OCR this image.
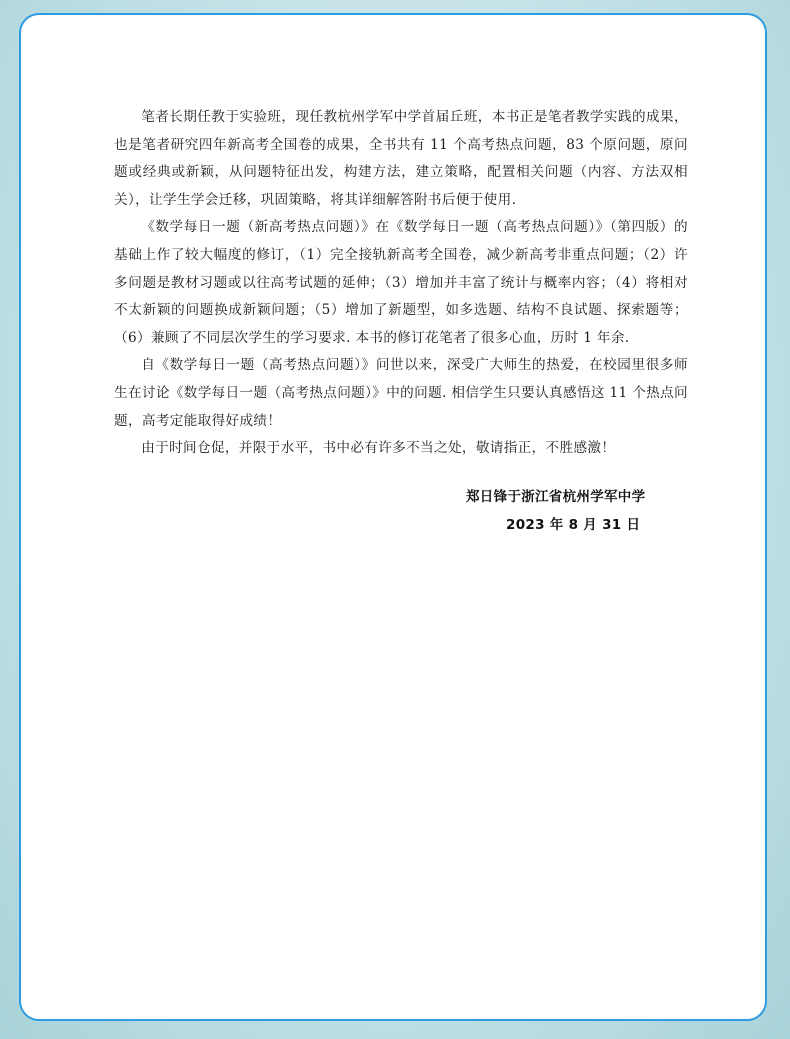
笔者长期任教于实验班，现任教杭州学军中学首届丘班，本书正是笔者教学实践的成果，也是笔者研究四年新高考全国卷的成果，全书共有 11 个高考热点问题，83 个原问题，原问题或经典或新颖，从问题特征出发，构建方法，建立策略，配置相关问题（内容、方法双相关），让学生学会迁移，巩固策略，将其详细解答附书后便于使用.

《数学每日一题（新高考热点问题）》在《数学每日一题（高考热点问题）》（第四版）的基础上作了较大幅度的修订，（1）完全接轨新高考全国卷，减少新高考非重点问题；（2）许多问题是教材习题或以往高考试题的延伸；（3）增加并丰富了统计与概率内容；（4）将相对不太新颖的问题换成新颖问题；（5）增加了新题型，如多选题、结构不良试题、探索题等；（6）兼顾了不同层次学生的学习要求. 本书的修订花笔者了很多心血，历时 1 年余.

自《数学每日一题（高考热点问题）》问世以来，深受广大师生的热爱，在校园里很多师生在讨论《数学每日一题（高考热点问题）》中的问题. 相信学生只要认真感悟这 11 个热点问题，高考定能取得好成绩！

由于时间仓促，并限于水平，书中必有许多不当之处，敬请指正，不胜感激！

郑日锋于浙江省杭州学军中学
2023 年 8 月 31 日
